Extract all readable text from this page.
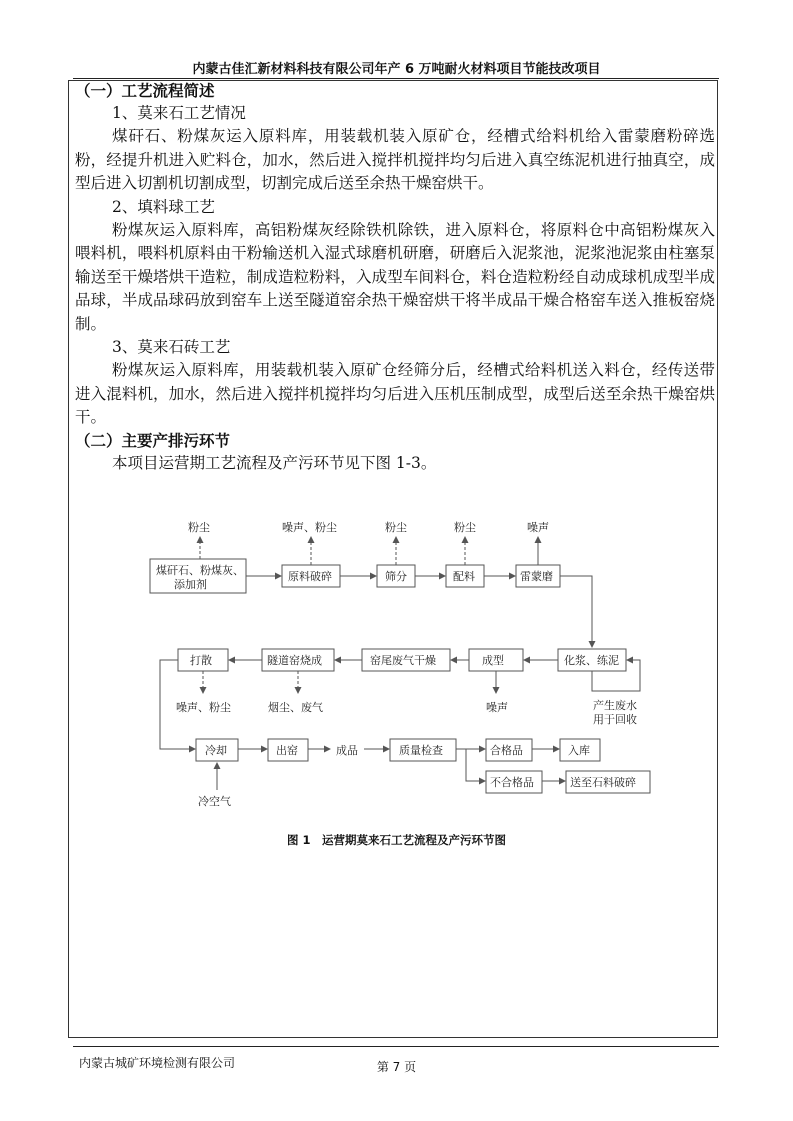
内蒙古佳汇新材料科技有限公司年产 6 万吨耐火材料项目节能技改项目

（一）工艺流程简述

1、莫来石工艺情况

煤矸石、粉煤灰运入原料库，用装载机装入原矿仓，经槽式给料机给入雷蒙磨粉碎选粉，经提升机进入贮料仓，加水，然后进入搅拌机搅拌均匀后进入真空练泥机进行抽真空，成型后进入切割机切割成型，切割完成后送至余热干燥窑烘干。

2、填料球工艺

粉煤灰运入原料库，高铝粉煤灰经除铁机除铁，进入原料仓，将原料仓中高铝粉煤灰入喂料机，喂料机原料由干粉输送机入湿式球磨机研磨，研磨后入泥浆池，泥浆池泥浆由柱塞泵输送至干燥塔烘干造粒，制成造粒粉料，入成型车间料仓，料仓造粒粉经自动成球机成型半成品球，半成品球码放到窑车上送至隧道窑余热干燥窑烘干将半成品干燥合格窑车送入推板窑烧制。

3、莫来石砖工艺

粉煤灰运入原料库，用装载机装入原矿仓经筛分后，经槽式给料机送入料仓，经传送带进入混料机，加水，然后进入搅拌机搅拌均匀后进入压机压制成型，成型后送至余热干燥窑烘干。

（二）主要产排污环节

本项目运营期工艺流程及产污环节见下图 1-3。

煤矸石、粉煤灰、
添加剂
原料破碎	筛分	配料	雷蒙磨
粉尘	噪声、粉尘	粉尘	粉尘	噪声
化浆、练泥
成型
窑尾废气干燥
隧道窑烧成
打散
产生废水
用于回收
噪声、粉尘	烟尘、废气	噪声
冷却	出窑	成品	质量检查	合格品	入库
不合格品	送至石料破碎
冷空气
图 1　运营期莫来石工艺流程及产污环节图
内蒙古城矿环境检测有限公司	第 7 页
